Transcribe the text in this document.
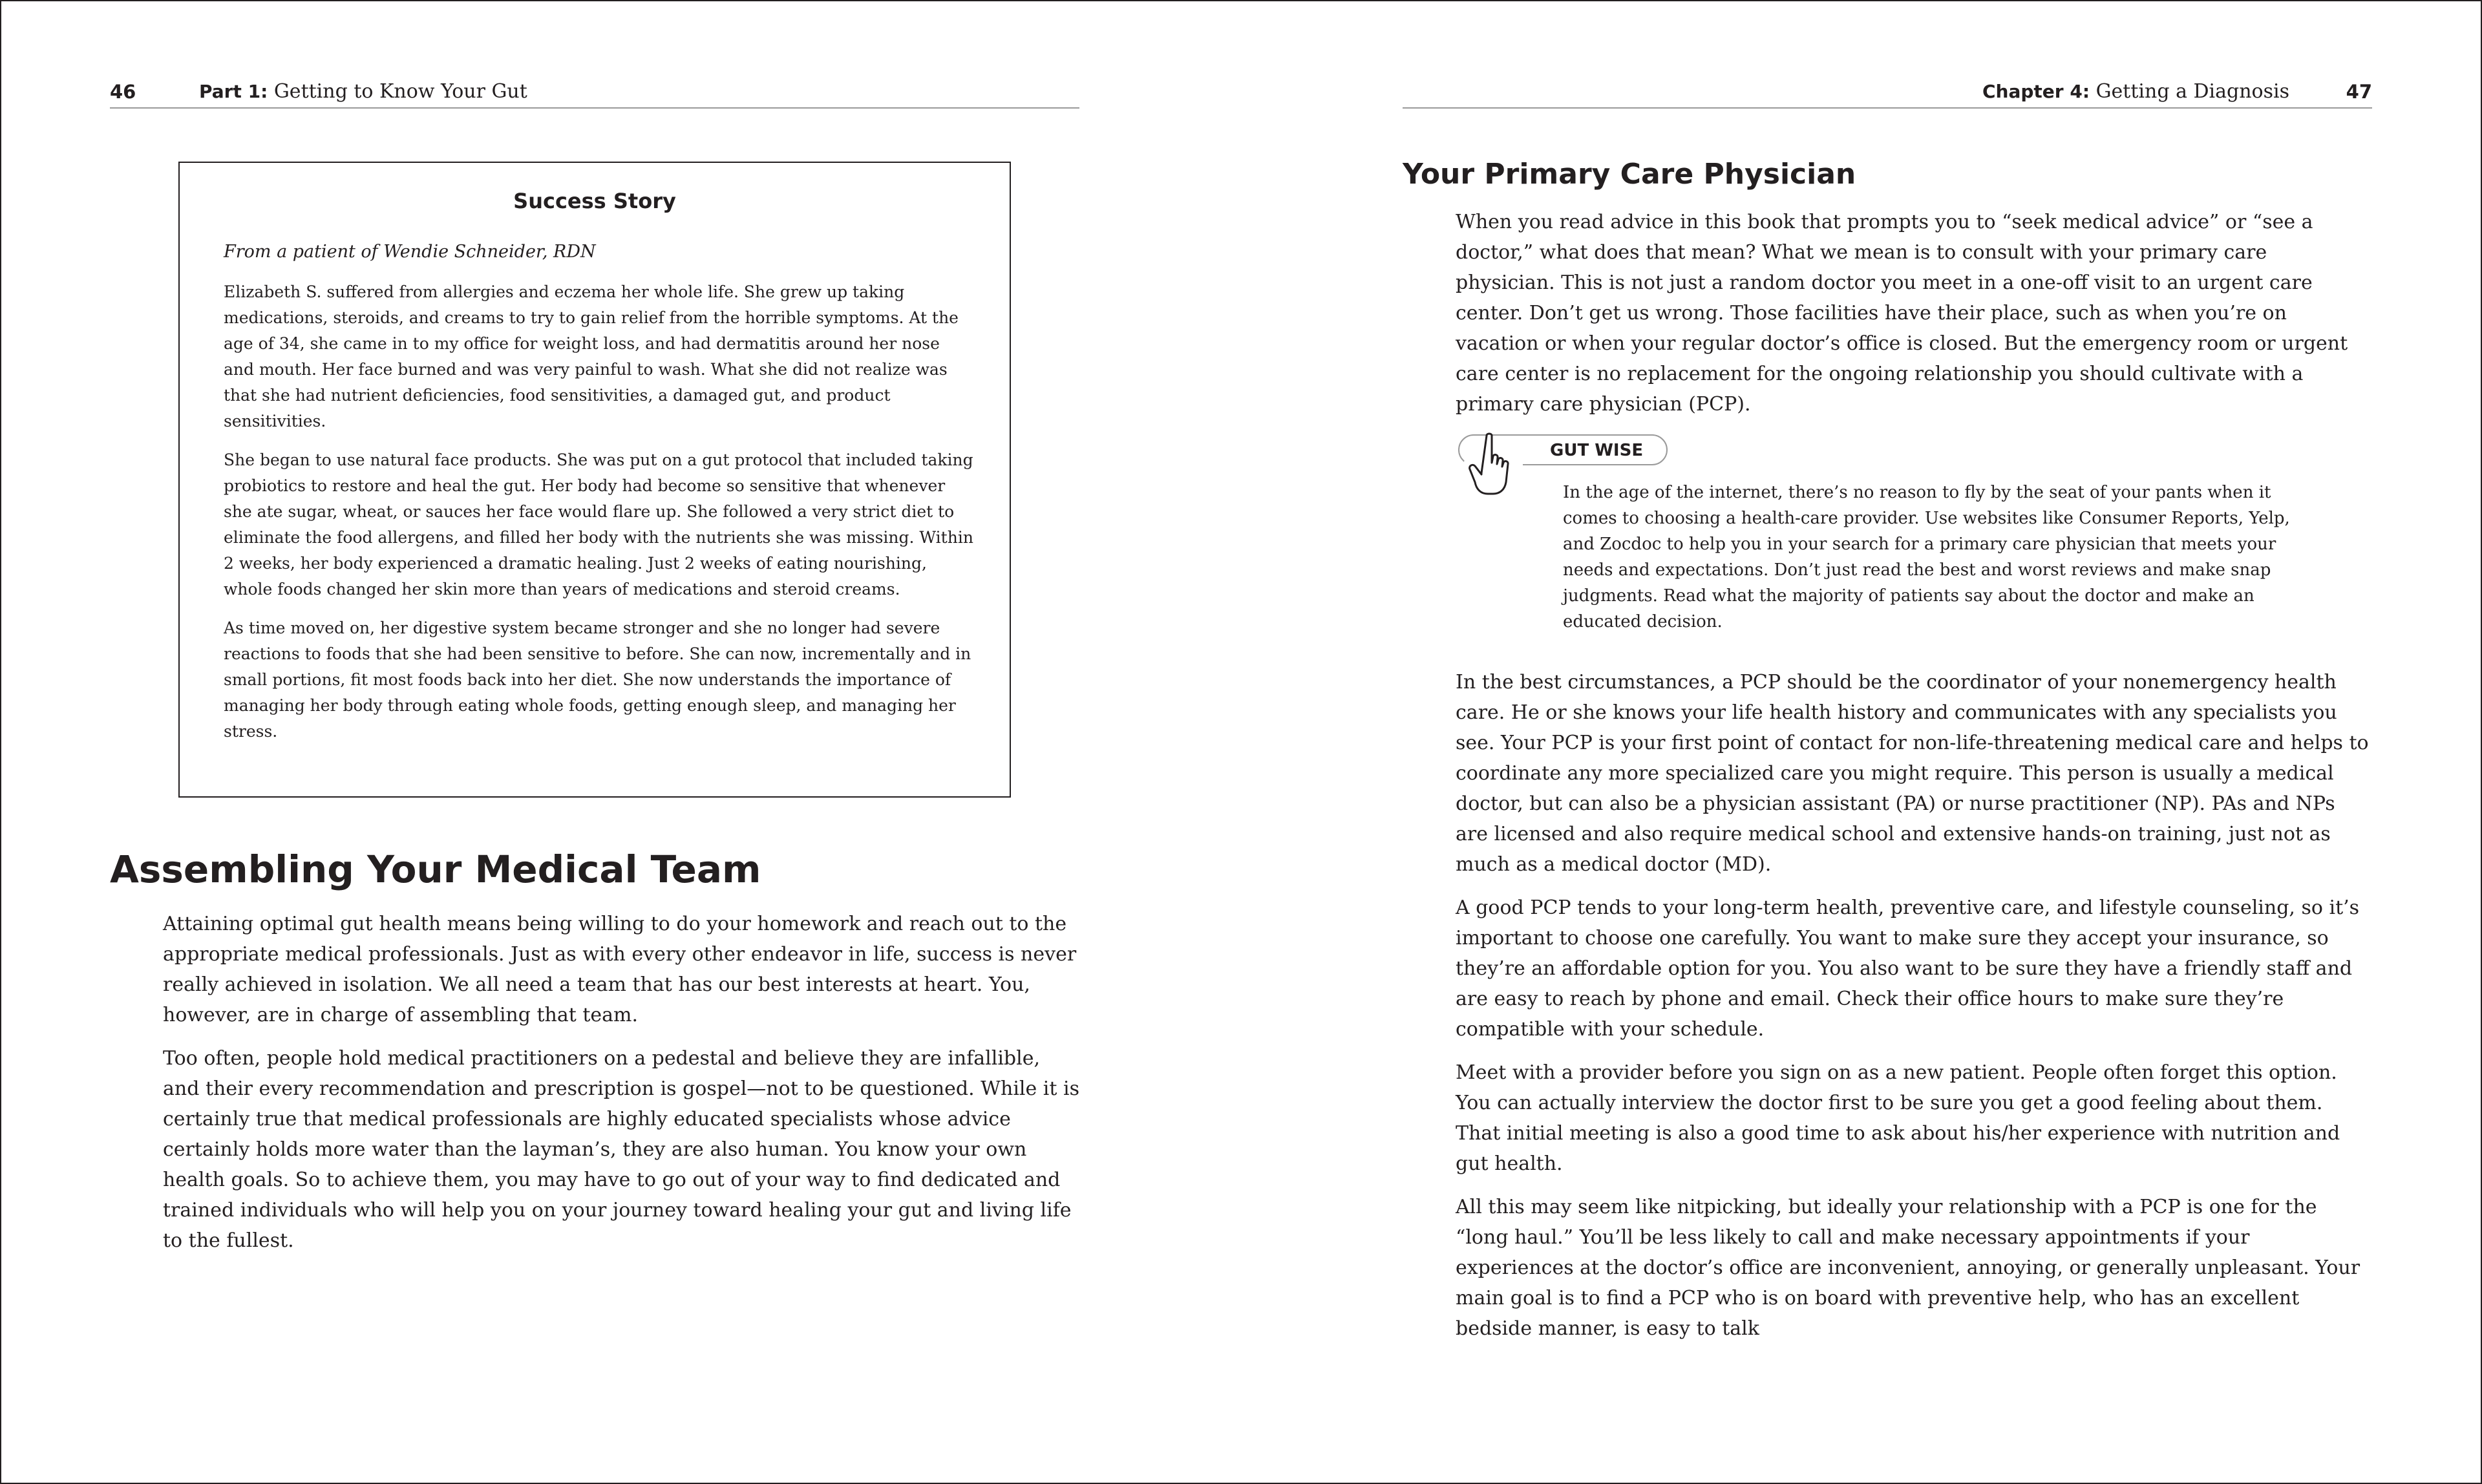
46	Part 1: Getting to Know Your Gut
Success Story
From a patient of Wendie Schneider, RDN

Elizabeth S. suffered from allergies and eczema her whole life. She grew up taking medications, steroids, and creams to try to gain relief from the horrible symptoms. At the age of 34, she came in to my office for weight loss, and had dermatitis around her nose and mouth. Her face burned and was very painful to wash. What she did not realize was that she had nutrient deficiencies, food sensitivities, a damaged gut, and product sensitivities.

She began to use natural face products. She was put on a gut protocol that included taking probiotics to restore and heal the gut. Her body had become so sensitive that whenever she ate sugar, wheat, or sauces her face would flare up. She followed a very strict diet to eliminate the food allergens, and filled her body with the nutrients she was missing. Within 2 weeks, her body experienced a dramatic healing. Just 2 weeks of eating nourishing, whole foods changed her skin more than years of medications and steroid creams.

As time moved on, her digestive system became stronger and she no longer had severe reactions to foods that she had been sensitive to before. She can now, incrementally and in small portions, fit most foods back into her diet. She now understands the importance of managing her body through eating whole foods, getting enough sleep, and managing her stress.

Assembling Your Medical Team

Attaining optimal gut health means being willing to do your homework and reach out to the appropriate medical professionals. Just as with every other endeavor in life, success is never really achieved in isolation. We all need a team that has our best interests at heart. You, however, are in charge of assembling that team.

Too often, people hold medical practitioners on a pedestal and believe they are infallible, and their every recommendation and prescription is gospel—not to be questioned. While it is certainly true that medical professionals are highly educated specialists whose advice certainly holds more water than the layman’s, they are also human. You know your own health goals. So to achieve them, you may have to go out of your way to find dedicated and trained individuals who will help you on your journey toward healing your gut and living life to the fullest.

Chapter 4: Getting a Diagnosis	47
Your Primary Care Physician

When you read advice in this book that prompts you to “seek medical advice” or “see a doctor,” what does that mean? What we mean is to consult with your primary care physician. This is not just a random doctor you meet in a one-off visit to an urgent care center. Don’t get us wrong. Those facilities have their place, such as when you’re on vacation or when your regular doctor’s office is closed. But the emergency room or urgent care center is no replacement for the ongoing relationship you should cultivate with a primary care physician (PCP).

GUT WISE
In the age of the internet, there’s no reason to fly by the seat of your pants when it comes to choosing a health-care provider. Use websites like Consumer Reports, Yelp, and Zocdoc to help you in your search for a primary care physician that meets your needs and expectations. Don’t just read the best and worst reviews and make snap judgments. Read what the majority of patients say about the doctor and make an educated decision.

In the best circumstances, a PCP should be the coordinator of your nonemergency health care. He or she knows your life health history and communicates with any specialists you see. Your PCP is your first point of contact for non-life-threatening medical care and helps to coordinate any more specialized care you might require. This person is usually a medical doctor, but can also be a physician assistant (PA) or nurse practitioner (NP). PAs and NPs are licensed and also require medical school and extensive hands-on training, just not as much as a medical doctor (MD).

A good PCP tends to your long-term health, preventive care, and lifestyle counseling, so it’s important to choose one carefully. You want to make sure they accept your insurance, so they’re an affordable option for you. You also want to be sure they have a friendly staff and are easy to reach by phone and email. Check their office hours to make sure they’re compatible with your schedule.

Meet with a provider before you sign on as a new patient. People often forget this option. You can actually interview the doctor first to be sure you get a good feeling about them. That initial meeting is also a good time to ask about his/her experience with nutrition and gut health.

All this may seem like nitpicking, but ideally your relationship with a PCP is one for the “long haul.” You’ll be less likely to call and make necessary appointments if your experiences at the doctor’s office are inconvenient, annoying, or generally unpleasant. Your main goal is to find a PCP who is on board with preventive help, who has an excellent bedside manner, is easy to talk
